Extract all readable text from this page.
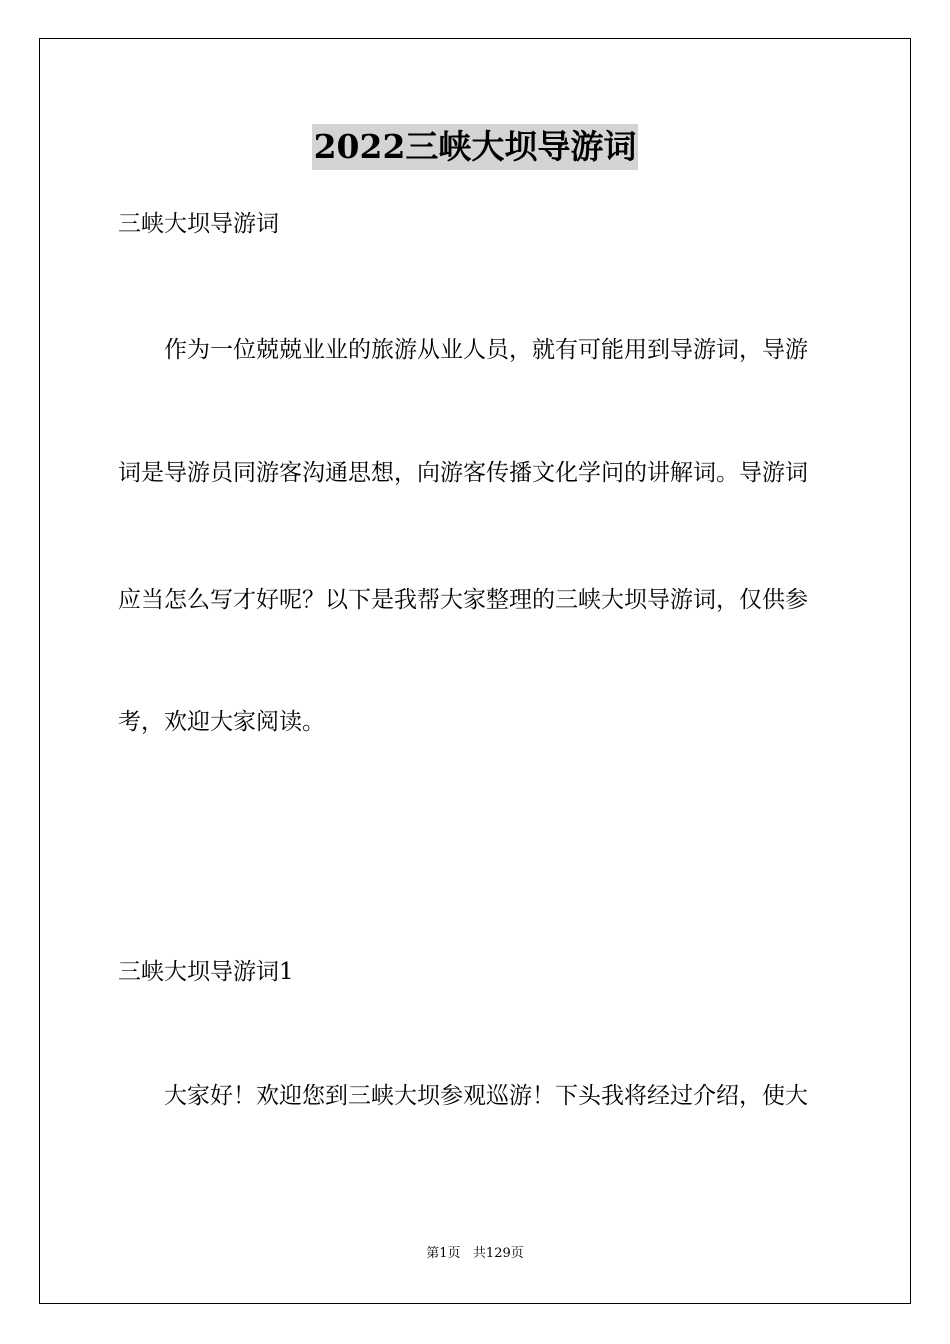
2022三峡大坝导游词
三峡大坝导游词
　　作为一位兢兢业业的旅游从业人员，就有可能用到导游词，导游
词是导游员同游客沟通思想，向游客传播文化学问的讲解词。导游词
应当怎么写才好呢？以下是我帮大家整理的三峡大坝导游词，仅供参
考，欢迎大家阅读。
三峡大坝导游词1
　　大家好！欢迎您到三峡大坝参观巡游！下头我将经过介绍，使大
第1页 共129页
